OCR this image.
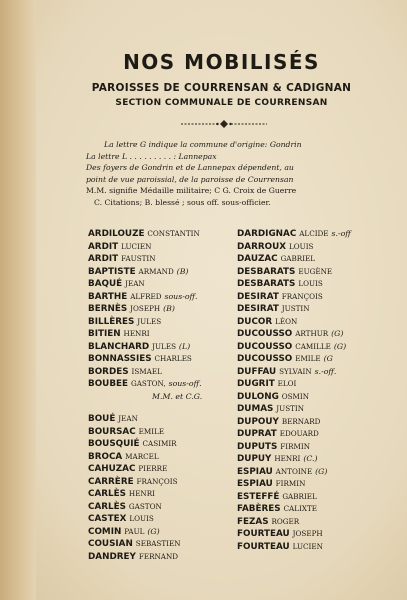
NOS MOBILISÉS
PAROISSES DE COURRENSAN & CADIGNAN
SECTION COMMUNALE DE COURRENSAN
La lettre G indique la commune d'origine: Gondrin
La lettre L . . . . . . . . . : Lannepax
Des foyers de Gondrin et de Lannepax dépendent, au
point de vue paroissial, de la paroisse de Courrensan
M.M. signifie Médaille militaire; C G. Croix de Guerre
C. Citations; B. blessé ; sous off. sous-officier.
ARDILOUZE CONSTANTIN
ARDIT LUCIEN
ARDIT FAUSTIN
BAPTISTE ARMAND (B)
BAQUÉ JEAN
BARTHE ALFRED sous-off.
BERNÈS JOSEPH (B)
BILLÈRES JULES
BITIEN HENRI
BLANCHARD JULES (L)
BONNASSIES CHARLES
BORDES ISMAEL
BOUBEE GASTON, sous-off.
M.M. et C.G.
BOUÉ JEAN
BOURSAC EMILE
BOUSQUIÉ CASIMIR
BROCA MARCEL
CAHUZAC PIERRE
CARRÈRE FRANÇOIS
CARLÈS HENRI
CARLÈS GASTON
CASTEX LOUIS
COMIN PAUL (G)
COUSIAN SEBASTIEN
DANDREY FERNAND
DARDIGNAC ALCIDE s.-off
DARROUX LOUIS
DAUZAC GABRIEL
DESBARATS EUGÈNE
DESBARATS LOUIS
DESIRAT FRANÇOIS
DESIRAT JUSTIN
DUCOR LÉON
DUCOUSSO ARTHUR (G)
DUCOUSSO CAMILLE (G)
DUCOUSSO EMILE (G
DUFFAU SYLVAIN s.-off.
DUGRIT ELOI
DULONG OSMIN
DUMAS JUSTIN
DUPOUY BERNARD
DUPRAT EDOUARD
DUPUTS FIRMIN
DUPUY HENRI (C.)
ESPIAU ANTOINE (G)
ESPIAU FIRMIN
ESTEFFÉ GABRIEL
FABÈRES CALIXTE
FEZAS ROGER
FOURTEAU JOSEPH
FOURTEAU LUCIEN
